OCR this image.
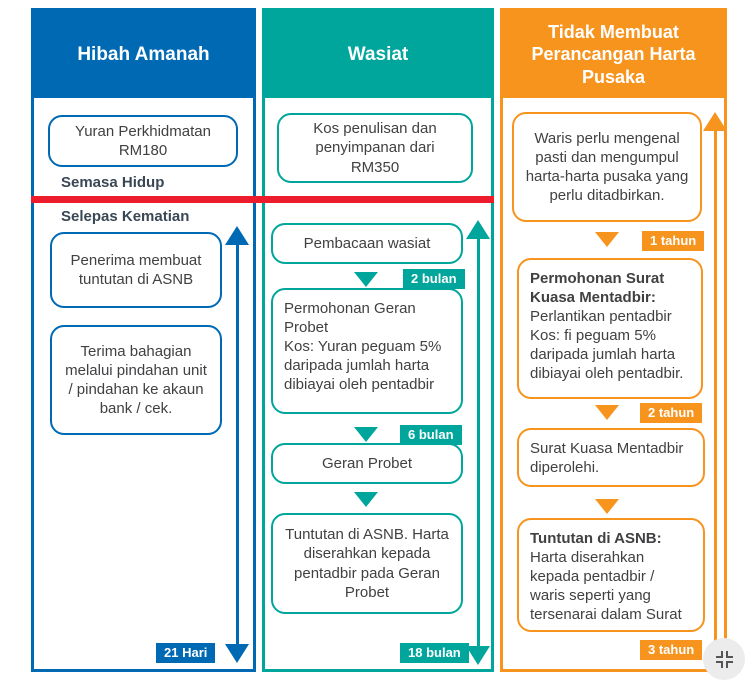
Hibah Amanah
Yuran Perkhidmatan RM180
Semasa Hidup
Selepas Kematian
Penerima membuat tuntutan di ASNB
Terima bahagian melalui pindahan unit / pindahan ke akaun bank / cek.
21 Hari
Wasiat
Kos penulisan dan penyimpanan dari RM350
Pembacaan wasiat
2 bulan
Permohonan Geran Probet
Kos: Yuran peguam 5% daripada jumlah harta dibiayai oleh pentadbir
6 bulan
Geran Probet
Tuntutan di ASNB. Harta diserahkan kepada pentadbir pada Geran Probet
18 bulan
Tidak Membuat Perancangan Harta Pusaka
Waris perlu mengenal pasti dan mengumpul harta-harta pusaka yang perlu ditadbirkan.
1 tahun
Permohonan Surat Kuasa Mentadbir:
Perlantikan pentadbir Kos: fi peguam 5% daripada jumlah harta dibiayai oleh pentadbir.
2 tahun
Surat Kuasa Mentadbir diperolehi.
Tuntutan di ASNB:
Harta diserahkan kepada pentadbir / waris seperti yang tersenarai dalam Surat
3 tahun
